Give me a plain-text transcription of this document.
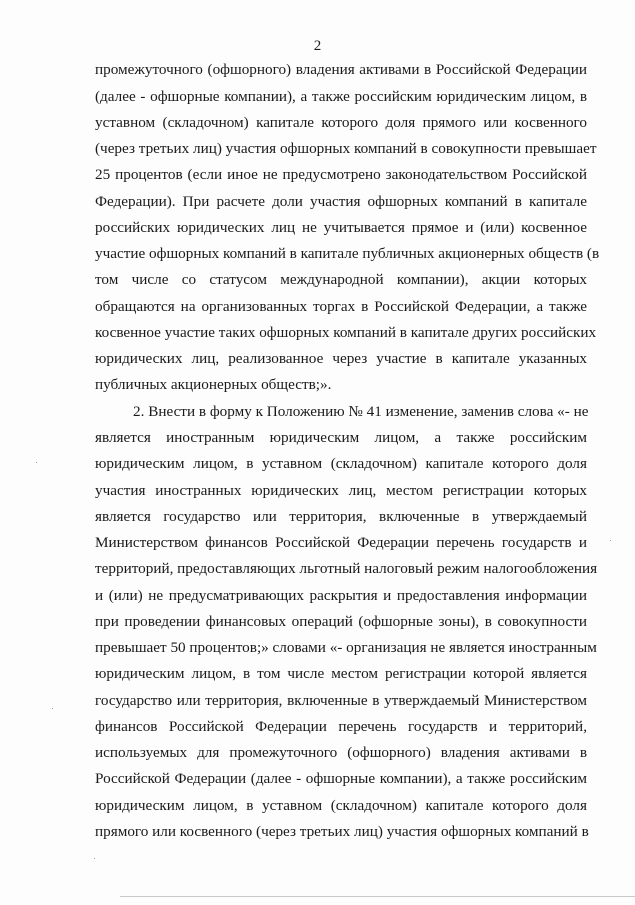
2
промежуточного (офшорного) владения активами в Российской Федерации
(далее - офшорные компании), а также российским юридическим лицом, в
уставном (складочном) капитале которого доля прямого или косвенного
(через третьих лиц) участия офшорных компаний в совокупности превышает
25 процентов (если иное не предусмотрено законодательством Российской
Федерации). При расчете доли участия офшорных компаний в капитале
российских юридических лиц не учитывается прямое и (или) косвенное
участие офшорных компаний в капитале публичных акционерных обществ (в
том числе со статусом международной компании), акции которых
обращаются на организованных торгах в Российской Федерации, а также
косвенное участие таких офшорных компаний в капитале других российских
юридических лиц, реализованное через участие в капитале указанных
публичных акционерных обществ;».
2. Внести в форму к Положению № 41 изменение, заменив слова «- не
является иностранным юридическим лицом, а также российским
юридическим лицом, в уставном (складочном) капитале которого доля
участия иностранных юридических лиц, местом регистрации которых
является государство или территория, включенные в утверждаемый
Министерством финансов Российской Федерации перечень государств и
территорий, предоставляющих льготный налоговый режим налогообложения
и (или) не предусматривающих раскрытия и предоставления информации
при проведении финансовых операций (офшорные зоны), в совокупности
превышает 50 процентов;» словами «- организация не является иностранным
юридическим лицом, в том числе местом регистрации которой является
государство или территория, включенные в утверждаемый Министерством
финансов Российской Федерации перечень государств и территорий,
используемых для промежуточного (офшорного) владения активами в
Российской Федерации (далее - офшорные компании), а также российским
юридическим лицом, в уставном (складочном) капитале которого доля
прямого или косвенного (через третьих лиц) участия офшорных компаний в
